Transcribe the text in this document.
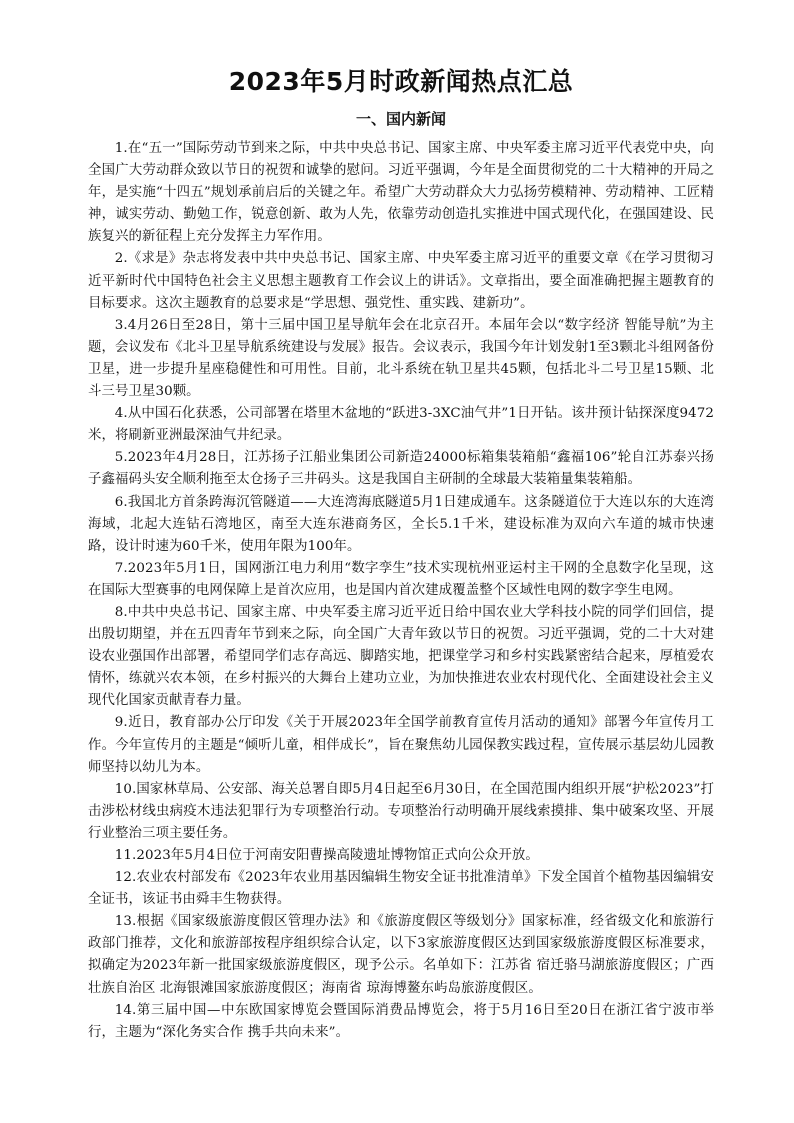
2023年5月时政新闻热点汇总
一、国内新闻

1.在“五一”国际劳动节到来之际，中共中央总书记、国家主席、中央军委主席习近平代表党中央，向全国广大劳动群众致以节日的祝贺和诚挚的慰问。习近平强调，今年是全面贯彻党的二十大精神的开局之年，是实施“十四五”规划承前启后的关键之年。希望广大劳动群众大力弘扬劳模精神、劳动精神、工匠精神，诚实劳动、勤勉工作，锐意创新、敢为人先，依靠劳动创造扎实推进中国式现代化，在强国建设、民族复兴的新征程上充分发挥主力军作用。

2.《求是》杂志将发表中共中央总书记、国家主席、中央军委主席习近平的重要文章《在学习贯彻习近平新时代中国特色社会主义思想主题教育工作会议上的讲话》。文章指出，要全面准确把握主题教育的目标要求。这次主题教育的总要求是“学思想、强党性、重实践、建新功”。

3.4月26日至28日，第十三届中国卫星导航年会在北京召开。本届年会以“数字经济 智能导航”为主题，会议发布《北斗卫星导航系统建设与发展》报告。会议表示，我国今年计划发射1至3颗北斗组网备份卫星，进一步提升星座稳健性和可用性。目前，北斗系统在轨卫星共45颗，包括北斗二号卫星15颗、北斗三号卫星30颗。

4.从中国石化获悉，公司部署在塔里木盆地的“跃进3-3XC油气井”1日开钻。该井预计钻探深度9472米，将刷新亚洲最深油气井纪录。

5.2023年4月28日，江苏扬子江船业集团公司新造24000标箱集装箱船“鑫福106”轮自江苏泰兴扬子鑫福码头安全顺利拖至太仓扬子三井码头。这是我国自主研制的全球最大装箱量集装箱船。

6.我国北方首条跨海沉管隧道——大连湾海底隧道5月1日建成通车。这条隧道位于大连以东的大连湾海域，北起大连钻石湾地区，南至大连东港商务区，全长5.1千米，建设标准为双向六车道的城市快速路，设计时速为60千米，使用年限为100年。

7.2023年5月1日，国网浙江电力利用“数字孪生”技术实现杭州亚运村主干网的全息数字化呈现，这在国际大型赛事的电网保障上是首次应用，也是国内首次建成覆盖整个区域性电网的数字孪生电网。

8.中共中央总书记、国家主席、中央军委主席习近平近日给中国农业大学科技小院的同学们回信，提出殷切期望，并在五四青年节到来之际，向全国广大青年致以节日的祝贺。习近平强调，党的二十大对建设农业强国作出部署，希望同学们志存高远、脚踏实地，把课堂学习和乡村实践紧密结合起来，厚植爱农情怀，练就兴农本领，在乡村振兴的大舞台上建功立业，为加快推进农业农村现代化、全面建设社会主义现代化国家贡献青春力量。

9.近日，教育部办公厅印发《关于开展2023年全国学前教育宣传月活动的通知》部署今年宣传月工作。今年宣传月的主题是“倾听儿童，相伴成长”，旨在聚焦幼儿园保教实践过程，宣传展示基层幼儿园教师坚持以幼儿为本。

10.国家林草局、公安部、海关总署自即5月4日起至6月30日，在全国范围内组织开展“护松2023”打击涉松材线虫病疫木违法犯罪行为专项整治行动。专项整治行动明确开展线索摸排、集中破案攻坚、开展行业整治三项主要任务。

11.2023年5月4日位于河南安阳曹操高陵遗址博物馆正式向公众开放。

12.农业农村部发布《2023年农业用基因编辑生物安全证书批准清单》下发全国首个植物基因编辑安全证书，该证书由舜丰生物获得。

13.根据《国家级旅游度假区管理办法》和《旅游度假区等级划分》国家标准，经省级文化和旅游行政部门推荐，文化和旅游部按程序组织综合认定，以下3家旅游度假区达到国家级旅游度假区标准要求，拟确定为2023年新一批国家级旅游度假区，现予公示。名单如下：江苏省 宿迁骆马湖旅游度假区；广西壮族自治区 北海银滩国家旅游度假区；海南省 琼海博鳌东屿岛旅游度假区。

14.第三届中国—中东欧国家博览会暨国际消费品博览会，将于5月16日至20日在浙江省宁波市举行，主题为“深化务实合作 携手共向未来”。
